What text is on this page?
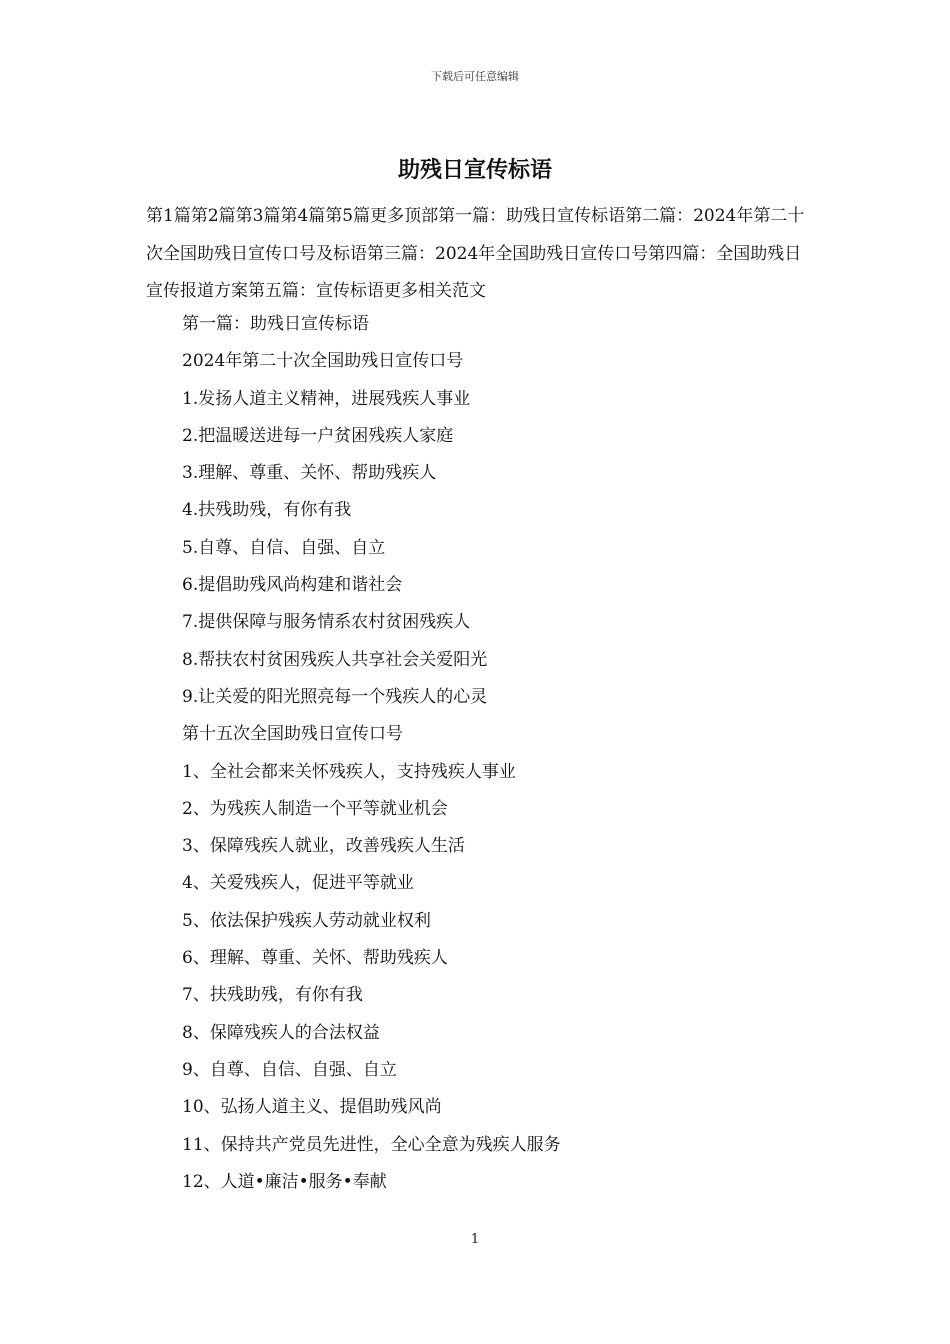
下载后可任意编辑
助残日宣传标语

第1篇第2篇第3篇第4篇第5篇更多顶部第一篇：助残日宣传标语第二篇：2024年第二十次全国助残日宣传口号及标语第三篇：2024年全国助残日宣传口号第四篇：全国助残日宣传报道方案第五篇：宣传标语更多相关范文

第一篇：助残日宣传标语
2024年第二十次全国助残日宣传口号
1.发扬人道主义精神，进展残疾人事业
2.把温暖送进每一户贫困残疾人家庭
3.理解、尊重、关怀、帮助残疾人
4.扶残助残，有你有我
5.自尊、自信、自强、自立
6.提倡助残风尚构建和谐社会
7.提供保障与服务情系农村贫困残疾人
8.帮扶农村贫困残疾人共享社会关爱阳光
9.让关爱的阳光照亮每一个残疾人的心灵
第十五次全国助残日宣传口号
1、全社会都来关怀残疾人，支持残疾人事业
2、为残疾人制造一个平等就业机会
3、保障残疾人就业，改善残疾人生活
4、关爱残疾人，促进平等就业
5、依法保护残疾人劳动就业权利
6、理解、尊重、关怀、帮助残疾人
7、扶残助残，有你有我
8、保障残疾人的合法权益
9、自尊、自信、自强、自立
10、弘扬人道主义、提倡助残风尚
11、保持共产党员先进性，全心全意为残疾人服务
12、人道•廉洁•服务•奉献
1
